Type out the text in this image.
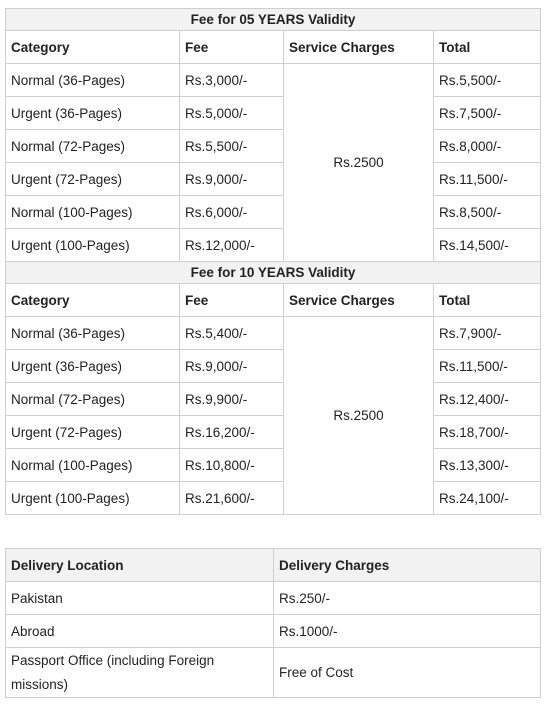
Fee for 05 YEARS Validity			
Category	Fee	Service Charges	Total
Normal (36-Pages)	Rs.3,000/-	Rs.2500	Rs.5,500/-
Urgent (36-Pages)	Rs.5,000/-		Rs.7,500/-
Normal (72-Pages)	Rs.5,500/-		Rs.8,000/-
Urgent (72-Pages)	Rs.9,000/-		Rs.11,500/-
Normal (100-Pages)	Rs.6,000/-		Rs.8,500/-
Urgent (100-Pages)	Rs.12,000/-		Rs.14,500/-
Fee for 10 YEARS Validity			
Category	Fee	Service Charges	Total
Normal (36-Pages)	Rs.5,400/-	Rs.2500	Rs.7,900/-
Urgent (36-Pages)	Rs.9,000/-		Rs.11,500/-
Normal (72-Pages)	Rs.9,900/-		Rs.12,400/-
Urgent (72-Pages)	Rs.16,200/-		Rs.18,700/-
Normal (100-Pages)	Rs.10,800/-		Rs.13,300/-
Urgent (100-Pages)	Rs.21,600/-		Rs.24,100/-
Delivery Location	Delivery Charges
Pakistan	Rs.250/-
Abroad	Rs.1000/-
Passport Office (including Foreign missions)	Free of Cost
